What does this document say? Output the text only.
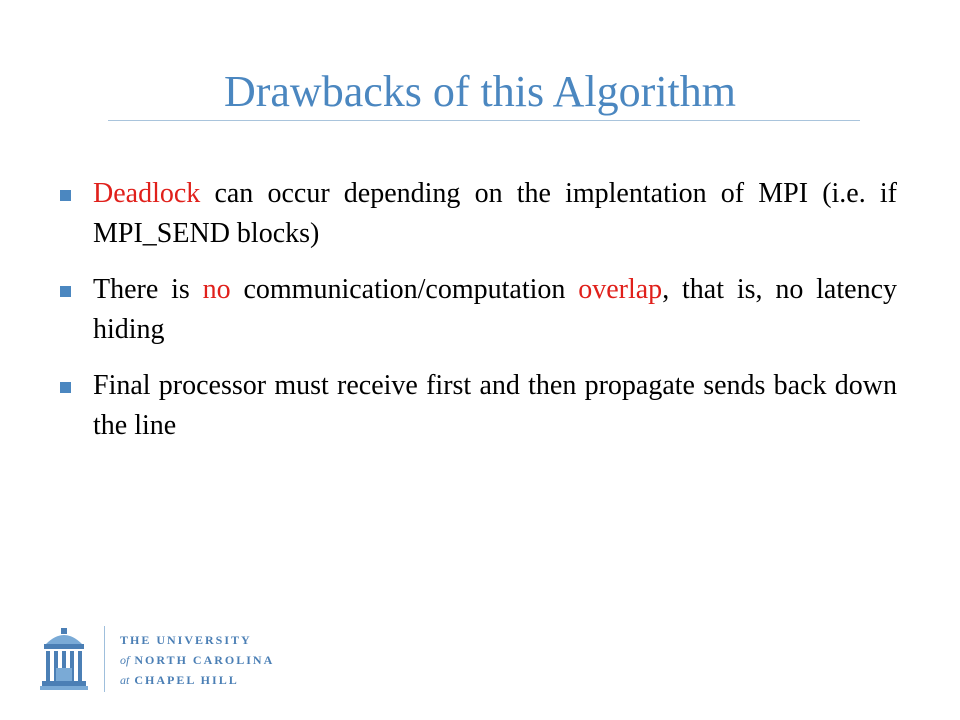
Drawbacks of this Algorithm
Deadlock can occur depending on the implentation of MPI (i.e. if MPI_SEND blocks)
There is no communication/computation overlap, that is, no latency hiding
Final processor must receive first and then propagate sends back down the line
THE UNIVERSITY
of NORTH CAROLINA
at CHAPEL HILL
